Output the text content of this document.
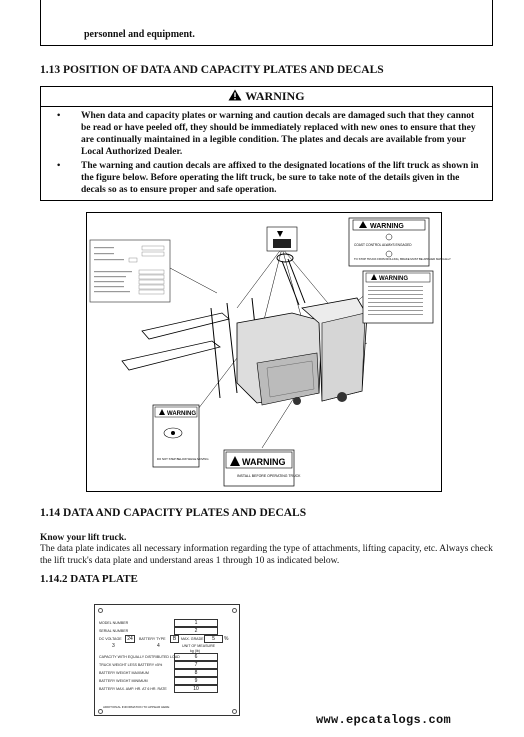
personnel and equipment.
1.13 POSITION OF DATA AND CAPACITY PLATES AND DECALS
WARNING
• When data and capacity plates or warning and caution decals are damaged such that they cannot be read or have peeled off, they should be immediately replaced with new ones to ensure that they are continually maintained in a legible condition. The plates and decals are available from your Local Authorized Dealer.
• The warning and caution decals are affixed to the designated locations of the lift truck as shown in the figure below. Before operating the lift truck, be sure to take note of the details given in the decals so as to ensure proper and safe operation.
WARNING
COAST CONTROL ALWAYS ENGAGED
TO STOP TRUCK FROM ROLLING, BRAKE MUST BE APPLIED MANUALLY
WARNING
WARNING
DO NOT STEP BELOW WHILE MOVING	WARNING
INSTALL BEFORE OPERATING TRUCK
1.14 DATA AND CAPACITY PLATES AND DECALS
Know your lift truck.
The data plate indicates all necessary information regarding the type of attachments, lifting capacity, etc. Always check the lift truck's data plate and understand areas 1 through 10 as indicated below.
1.14.2 DATA PLATE
MODEL NUMBER	1
SERIAL NUMBER	2
DC VOLTAGE	24	BATTERY TYPE	B	MAX. GRADE	5	%
3	4	UNIT OF MEASURE
kg (lb)
CAPACITY WITH EQUALLY DISTRIBUTED LOAD	6
TRUCK WEIGHT LESS BATTERY ±5%	7
BATTERY WEIGHT MAXIMUM	8
BATTERY WEIGHT MINIMUM	9
BATTERY MAX. AMP. HR. AT 6 HR. RATE	10
ADDITIONAL INFORMATION TO APPEAR HERE
www.epcatalogs.com
